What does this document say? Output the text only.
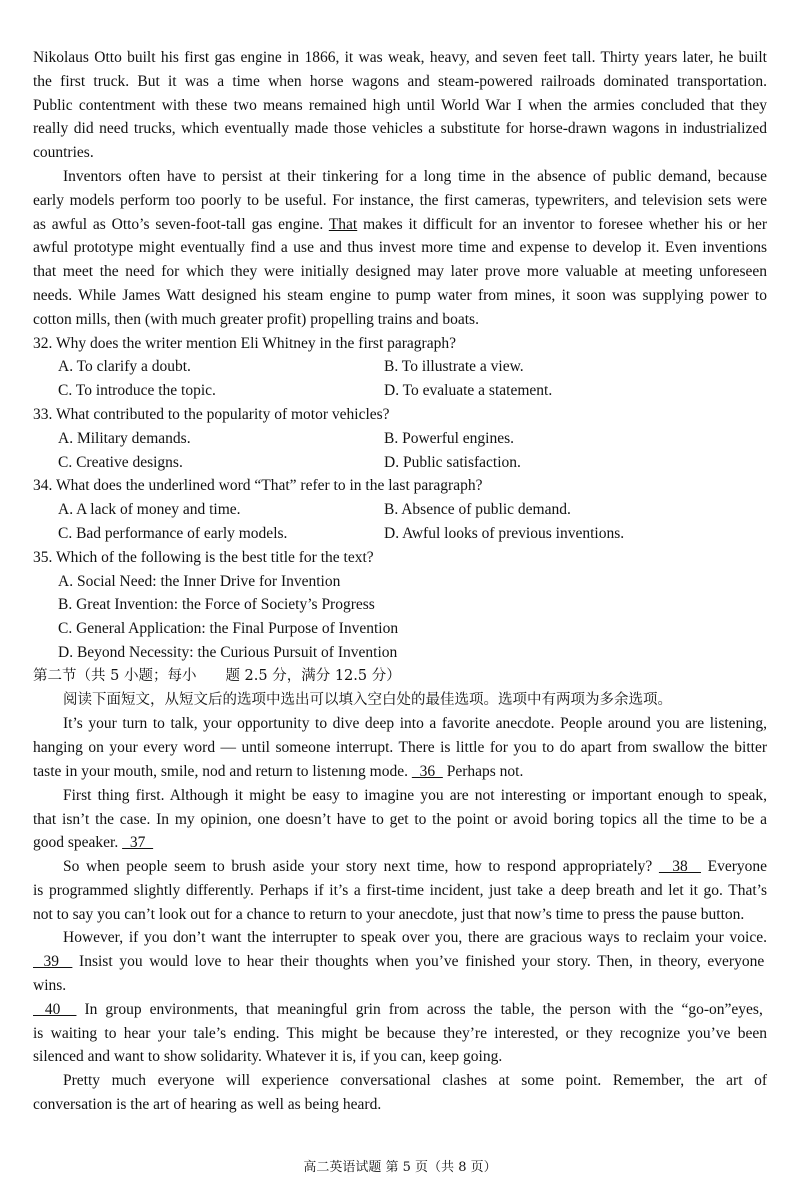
Nikolaus Otto built his first gas engine in 1866, it was weak, heavy, and seven feet tall. Thirty years later, he built
the first truck. But it was a time when horse wagons and steam-powered railroads dominated transportation.
Public contentment with these two means remained high until World War I when the armies concluded that they
really did need trucks, which eventually made those vehicles a substitute for horse-drawn wagons in industrialized
countries.
Inventors often have to persist at their tinkering for a long time in the absence of public demand, because
early models perform too poorly to be useful. For instance, the first cameras, typewriters, and television sets were
as awful as Otto’s seven-foot-tall gas engine. That makes it difficult for an inventor to foresee whether his or her
awful prototype might eventually find a use and thus invest more time and expense to develop it. Even inventions
that meet the need for which they were initially designed may later prove more valuable at meeting unforeseen
needs. While James Watt designed his steam engine to pump water from mines, it soon was supplying power to
cotton mills, then (with much greater profit) propelling trains and boats.
32. Why does the writer mention Eli Whitney in the first paragraph?
A. To clarify a doubt.	B. To illustrate a view.
C. To introduce the topic.	D. To evaluate a statement.
33. What contributed to the popularity of motor vehicles?
A. Military demands.	B. Powerful engines.
C. Creative designs.	D. Public satisfaction.
34. What does the underlined word “That” refer to in the last paragraph?
A. A lack of money and time.	B. Absence of public demand.
C. Bad performance of early models.	D. Awful looks of previous inventions.
35. Which of the following is the best title for the text?
A. Social Need: the Inner Drive for Invention
B. Great Invention: the Force of Society’s Progress
C. General Application: the Final Purpose of Invention
D. Beyond Necessity: the Curious Pursuit of Invention
第二节（共 5 小题；每小　　题 2.5 分，满分 12.5 分）
阅读下面短文，从短文后的选项中选出可以填入空白处的最佳选项。选项中有两项为多余选项。
It’s your turn to talk, your opportunity to dive deep into a favorite anecdote. People around you are listening,
hanging on your every word — until someone interrupt. There is little for you to do apart from swallow the bitter
taste in your mouth, smile, nod and return to listenıng mode.   36   Perhaps not.
First thing first. Although it might be easy to imagine you are not interesting or important enough to speak,
that isn’t the case. In my opinion, one doesn’t have to get to the point or avoid boring topics all the time to be a
good speaker.   37
So when people seem to brush aside your story next time, how to respond appropriately?   38   Everyone
is programmed slightly differently. Perhaps if it’s a first-time incident, just take a deep breath and let it go. That’s
not to say you can’t look out for a chance to return to your anecdote, just that now’s time to press the pause button.
However, if you don’t want the interrupter to speak over you, there are gracious ways to reclaim your voice.
39   Insist you would love to hear their thoughts when you’ve finished your story. Then, in theory, everyone
wins.
40   In group environments, that meaningful grin from across the table, the person with the “go-on”eyes,
is waiting to hear your tale’s ending. This might be because they’re interested, or they recognize you’ve been
silenced and want to show solidarity. Whatever it is, if you can, keep going.
Pretty much everyone will experience conversational clashes at some point. Remember, the art of
conversation is the art of hearing as well as being heard.
高二英语试题 第 5 页（共 8 页）
